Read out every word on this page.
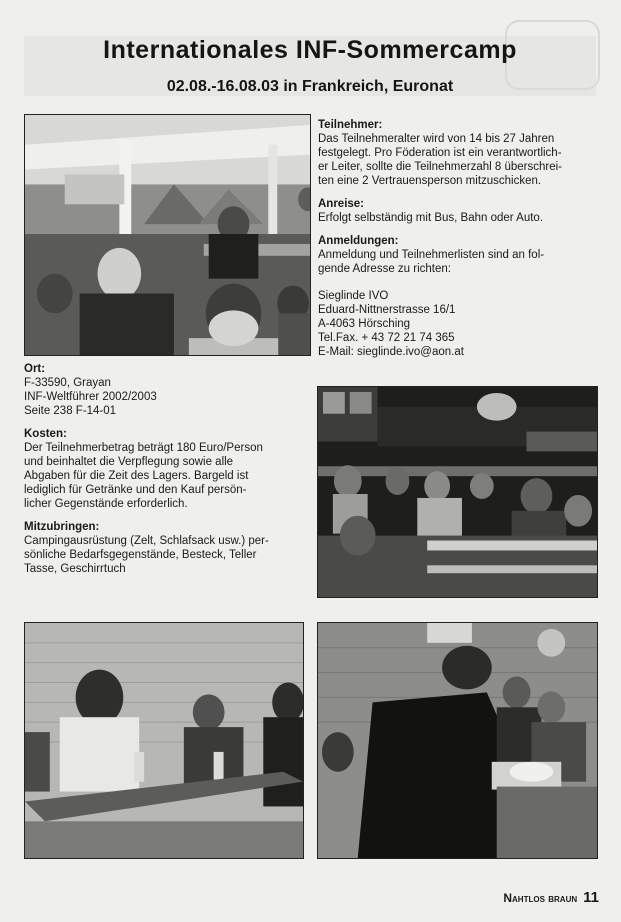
Internationales INF-Sommercamp
02.08.-16.08.03 in Frankreich, Euronat
Teilnehmer:
Das Teilnehmeralter wird von 14 bis 27 Jahren
festgelegt. Pro Föderation ist ein verantwortlich-
er Leiter, sollte die Teilnehmerzahl 8 überschrei-
ten eine 2 Vertrauensperson mitzuschicken.
Anreise:
Erfolgt selbständig mit Bus, Bahn oder Auto.
Anmeldungen:
Anmeldung und Teilnehmerlisten sind an fol-
gende Adresse zu richten:
Sieglinde IVO
Eduard-Nittnerstrasse 16/1
A-4063 Hörsching
Tel.Fax. + 43 72 21 74 365
E-Mail: sieglinde.ivo@aon.at
Ort:
F-33590, Grayan
INF-Weltführer 2002/2003
Seite 238 F-14-01
Kosten:
Der Teilnehmerbetrag beträgt 180 Euro/Person
und beinhaltet die Verpflegung sowie alle
Abgaben für die Zeit des Lagers. Bargeld ist
lediglich für Getränke und den Kauf persön-
licher Gegenstände erforderlich.
Mitzubringen:
Campingausrüstung (Zelt, Schlafsack usw.) per-
sönliche Bedarfsgegenstände, Besteck, Teller
Tasse, Geschirrtuch
Nahtlos braun 11
